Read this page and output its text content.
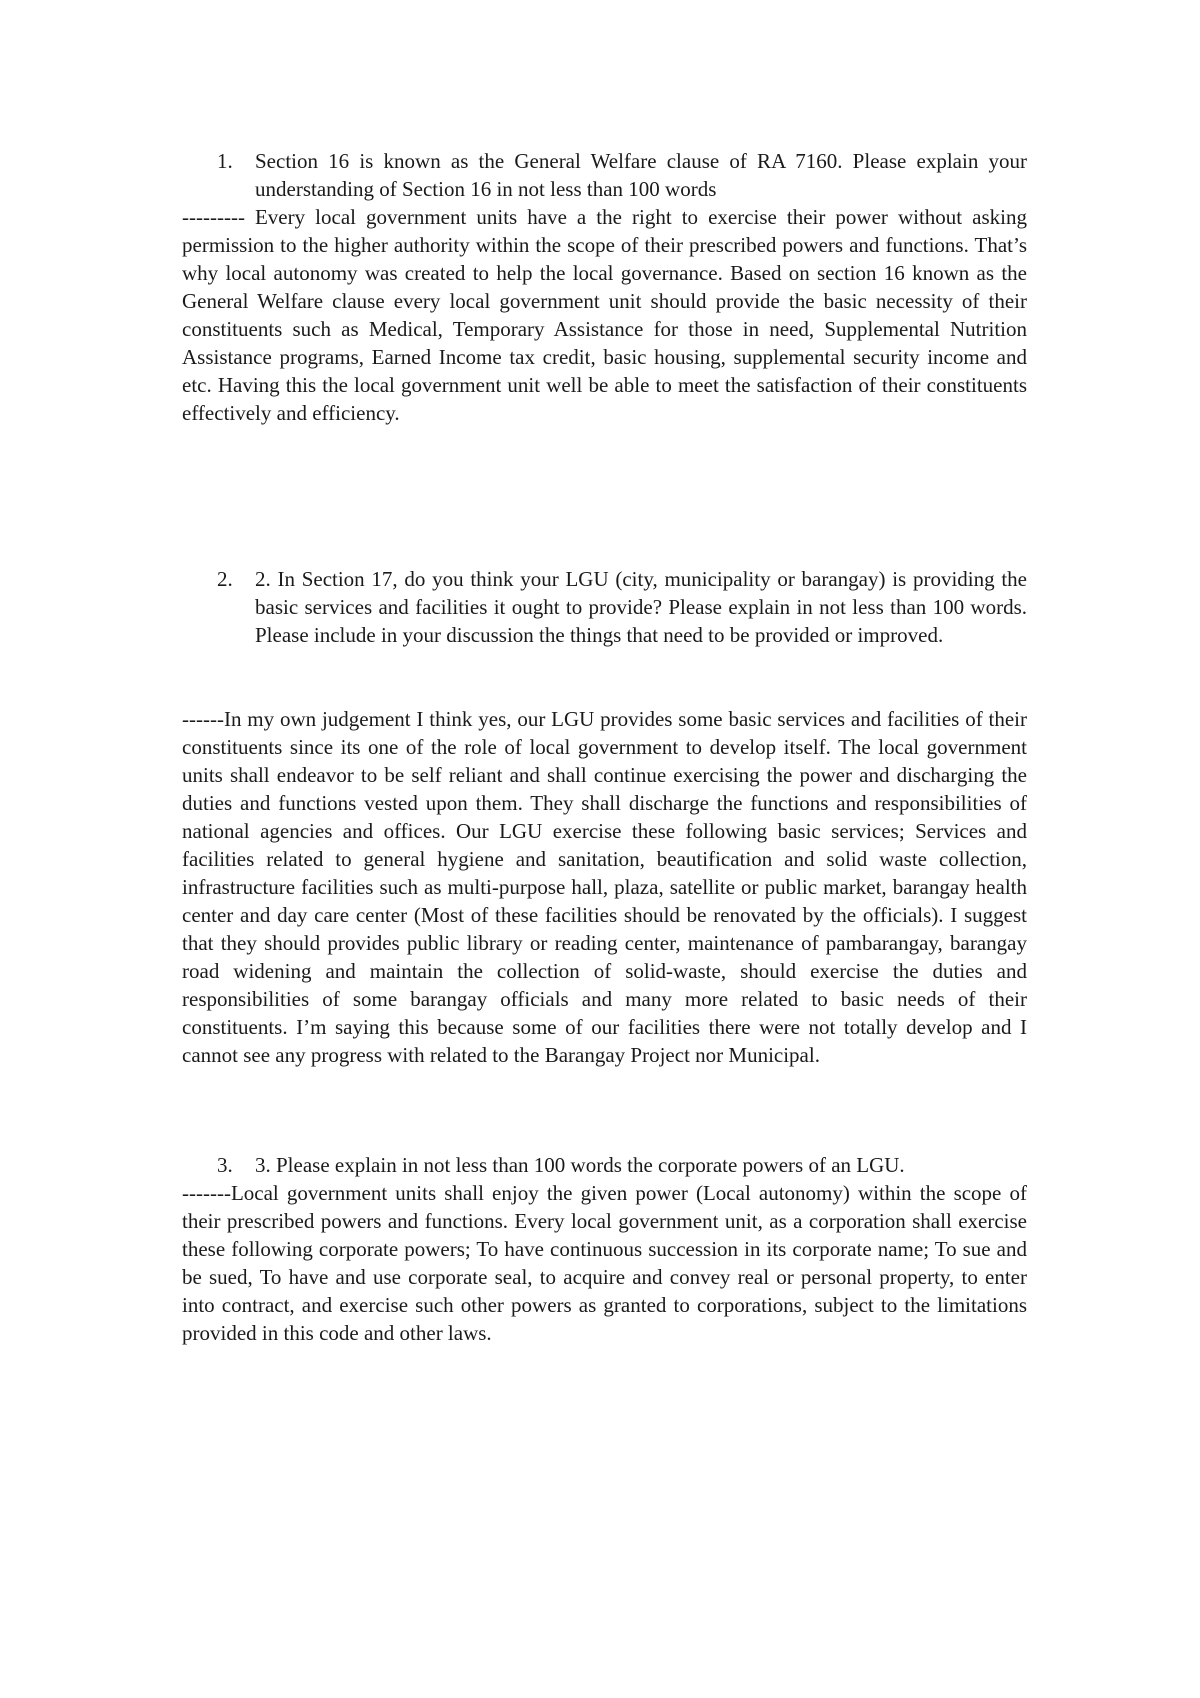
1.	Section 16 is known as the General Welfare clause of RA 7160. Please explain your understanding of Section 16 in not less than 100 words

--------- Every local government units have a the right to exercise their power without asking permission to the higher authority within the scope of their prescribed powers and functions. That’s why local autonomy was created to help the local governance. Based on section 16 known as the General Welfare clause every local government unit should provide the basic necessity of their constituents such as Medical, Temporary Assistance for those in need, Supplemental Nutrition Assistance programs, Earned Income tax credit, basic housing, supplemental security income and etc. Having this the local government unit well be able to meet the satisfaction of their constituents effectively and efficiency.

2.	2. In Section 17, do you think your LGU (city, municipality or barangay) is providing the basic services and facilities it ought to provide? Please explain in not less than 100 words. Please include in your discussion the things that need to be provided or improved.

------In my own judgement I think yes, our LGU provides some basic services and facilities of their constituents since its one of the role of local government to develop itself. The local government units shall endeavor to be self reliant and shall continue exercising the power and discharging the duties and functions vested upon them. They shall discharge the functions and responsibilities of national agencies and offices. Our LGU exercise these following basic services; Services and facilities related to general hygiene and sanitation, beautification and solid waste collection, infrastructure facilities such as multi-purpose hall, plaza, satellite or public market, barangay health center and day care center (Most of these facilities should be renovated by the officials). I suggest that they should provides public library or reading center, maintenance of pambarangay, barangay road widening and maintain the collection of solid-waste, should exercise the duties and responsibilities of some barangay officials and many more related to basic needs of their constituents. I’m saying this because some of our facilities there were not totally develop and I cannot see any progress with related to the Barangay Project nor Municipal.

3.	3. Please explain in not less than 100 words the corporate powers of an LGU.

-------Local government units shall enjoy the given power (Local autonomy) within the scope of their prescribed powers and functions. Every local government unit, as a corporation shall exercise these following corporate powers; To have continuous succession in its corporate name; To sue and be sued, To have and use corporate seal, to acquire and convey real or personal property, to enter into contract, and exercise such other powers as granted to corporations, subject to the limitations provided in this code and other laws.
